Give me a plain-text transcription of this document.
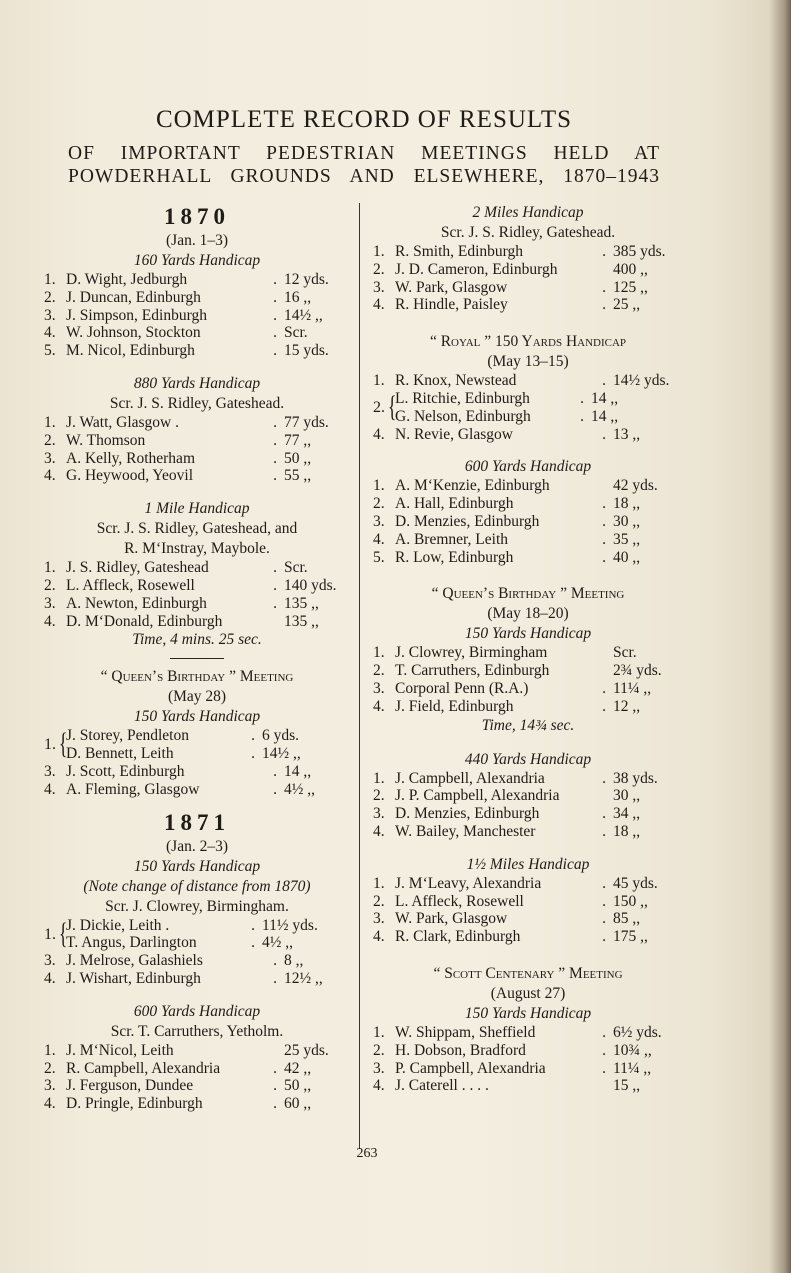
COMPLETE RECORD OF RESULTS
OF IMPORTANT PEDESTRIAN MEETINGS HELD AT
POWDERHALL GROUNDS AND ELSEWHERE, 1870–1943
1870
(Jan. 1–3)
160 Yards Handicap
1. D. Wight, Jedburgh	. 12 yds.
2. J. Duncan, Edinburgh	. 16 ,,
3. J. Simpson, Edinburgh	. 14½ ,,
4. W. Johnson, Stockton	. Scr.
5. M. Nicol, Edinburgh	. 15 yds.
880 Yards Handicap
Scr. J. S. Ridley, Gateshead.
1. J. Watt, Glasgow .	. 77 yds.
2. W. Thomson	. 77 ,,
3. A. Kelly, Rotherham	. 50 ,,
4. G. Heywood, Yeovil	. 55 ,,
1 Mile Handicap
Scr. J. S. Ridley, Gateshead, and
R. M‘Instray, Maybole.
1. J. S. Ridley, Gateshead	. Scr.
2. L. Affleck, Rosewell	. 140 yds.
3. A. Newton, Edinburgh	. 135 ,,
4. D. M‘Donald, Edinburgh	135 ,,
Time, 4 mins. 25 sec.
“ Queen’s Birthday ” Meeting
(May 28)
150 Yards Handicap
1. {
J. Storey, Pendleton	. 6 yds.
D. Bennett, Leith	. 14½ ,,
3. J. Scott, Edinburgh	. 14 ,,
4. A. Fleming, Glasgow	. 4½ ,,
1871
(Jan. 2–3)
150 Yards Handicap
(Note change of distance from 1870)
Scr. J. Clowrey, Birmingham.
1. {
J. Dickie, Leith .	. 11½ yds.
T. Angus, Darlington	. 4½ ,,
3. J. Melrose, Galashiels	. 8 ,,
4. J. Wishart, Edinburgh	. 12½ ,,
600 Yards Handicap
Scr. T. Carruthers, Yetholm.
1. J. M‘Nicol, Leith	25 yds.
2. R. Campbell, Alexandria	. 42 ,,
3. J. Ferguson, Dundee	. 50 ,,
4. D. Pringle, Edinburgh	. 60 ,,
2 Miles Handicap
Scr. J. S. Ridley, Gateshead.
1. R. Smith, Edinburgh	. 385 yds.
2. J. D. Cameron, Edinburgh	400 ,,
3. W. Park, Glasgow	. 125 ,,
4. R. Hindle, Paisley	. 25 ,,
“ Royal ” 150 Yards Handicap
(May 13–15)
1. R. Knox, Newstead	. 14½ yds.
2. {
L. Ritchie, Edinburgh	. 14 ,,
G. Nelson, Edinburgh	. 14 ,,
4. N. Revie, Glasgow	. 13 ,,
600 Yards Handicap
1. A. M‘Kenzie, Edinburgh	42 yds.
2. A. Hall, Edinburgh	. 18 ,,
3. D. Menzies, Edinburgh	. 30 ,,
4. A. Bremner, Leith	. 35 ,,
5. R. Low, Edinburgh	. 40 ,,
“ Queen’s Birthday ” Meeting
(May 18–20)
150 Yards Handicap
1. J. Clowrey, Birmingham	Scr.
2. T. Carruthers, Edinburgh	2¾ yds.
3. Corporal Penn (R.A.)	. 11¼ ,,
4. J. Field, Edinburgh	. 12 ,,
Time, 14¾ sec.
440 Yards Handicap
1. J. Campbell, Alexandria	. 38 yds.
2. J. P. Campbell, Alexandria	30 ,,
3. D. Menzies, Edinburgh	. 34 ,,
4. W. Bailey, Manchester	. 18 ,,
1½ Miles Handicap
1. J. M‘Leavy, Alexandria	. 45 yds.
2. L. Affleck, Rosewell	. 150 ,,
3. W. Park, Glasgow	. 85 ,,
4. R. Clark, Edinburgh	. 175 ,,
“ Scott Centenary ” Meeting
(August 27)
150 Yards Handicap
1. W. Shippam, Sheffield	. 6½ yds.
2. H. Dobson, Bradford	. 10¾ ,,
3. P. Campbell, Alexandria	. 11¼ ,,
4. J. Caterell . . . .	15 ,,
263
